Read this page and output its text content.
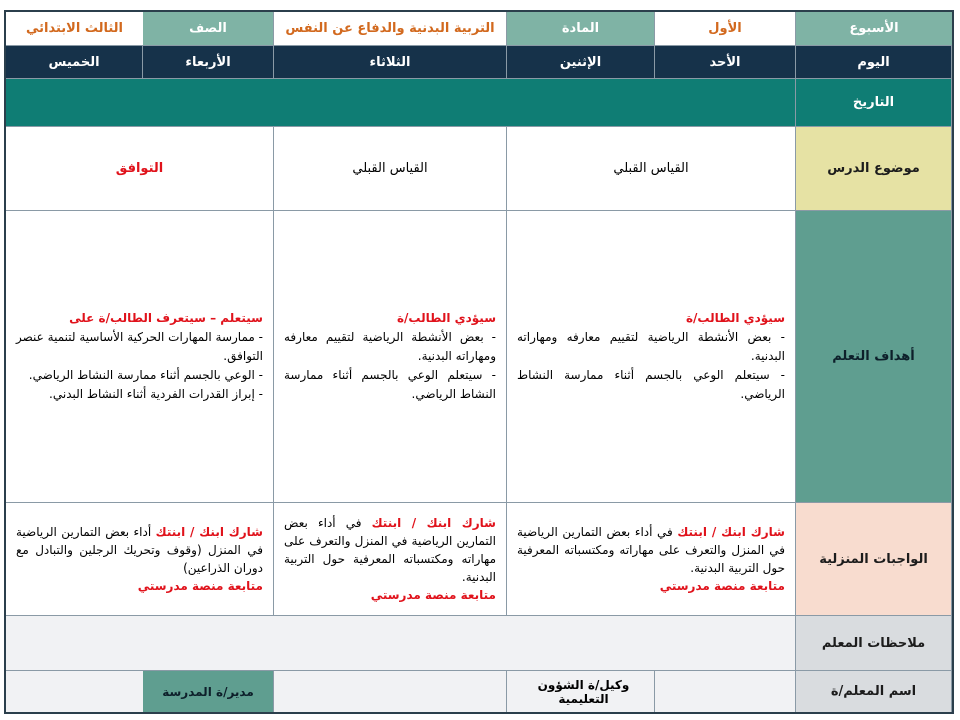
الأسبوع
الأول
المادة
التربية البدنية والدفاع عن النفس
الصف
الثالث الابتدائي
اليوم
الأحد
الإثنين
الثلاثاء
الأربعاء
الخميس
التاريخ
موضوع الدرس
القياس القبلي
القياس القبلي
التوافق
أهداف التعلم
سيؤدي الطالب/ة
- بعض الأنشطة الرياضية لتقييم معارفه ومهاراته البدنية.
- سيتعلم الوعي بالجسم أثناء ممارسة النشاط الرياضي.
سيؤدي الطالب/ة
- بعض الأنشطة الرياضية لتقييم معارفه ومهاراته البدنية.
- سيتعلم الوعي بالجسم أثناء ممارسة النشاط الرياضي.
سيتعلم – سيتعرف الطالب/ة على
- ممارسة المهارات الحركية الأساسية لتنمية عنصر التوافق.
- الوعي بالجسم أثناء ممارسة النشاط الرياضي.
- إبراز القدرات الفردية أثناء النشاط البدني.
الواجبات المنزلية
شارك ابنك / ابنتك في أداء بعض التمارين الرياضية في المنزل والتعرف على مهاراته ومكتسباته المعرفية حول التربية البدنية.
متابعة منصة مدرستي
شارك ابنك / ابنتك في أداء بعض التمارين الرياضية في المنزل والتعرف على مهاراته ومكتسباته المعرفية حول التربية البدنية.
متابعة منصة مدرستي
شارك ابنك / ابنتك أداء بعض التمارين الرياضية في المنزل (وقوف وتحريك الرجلين والتبادل مع دوران الذراعين)
متابعة منصة مدرستي
ملاحظات المعلم
اسم المعلم/ة
وكيل/ة الشؤون التعليمية
مدير/ة المدرسة
